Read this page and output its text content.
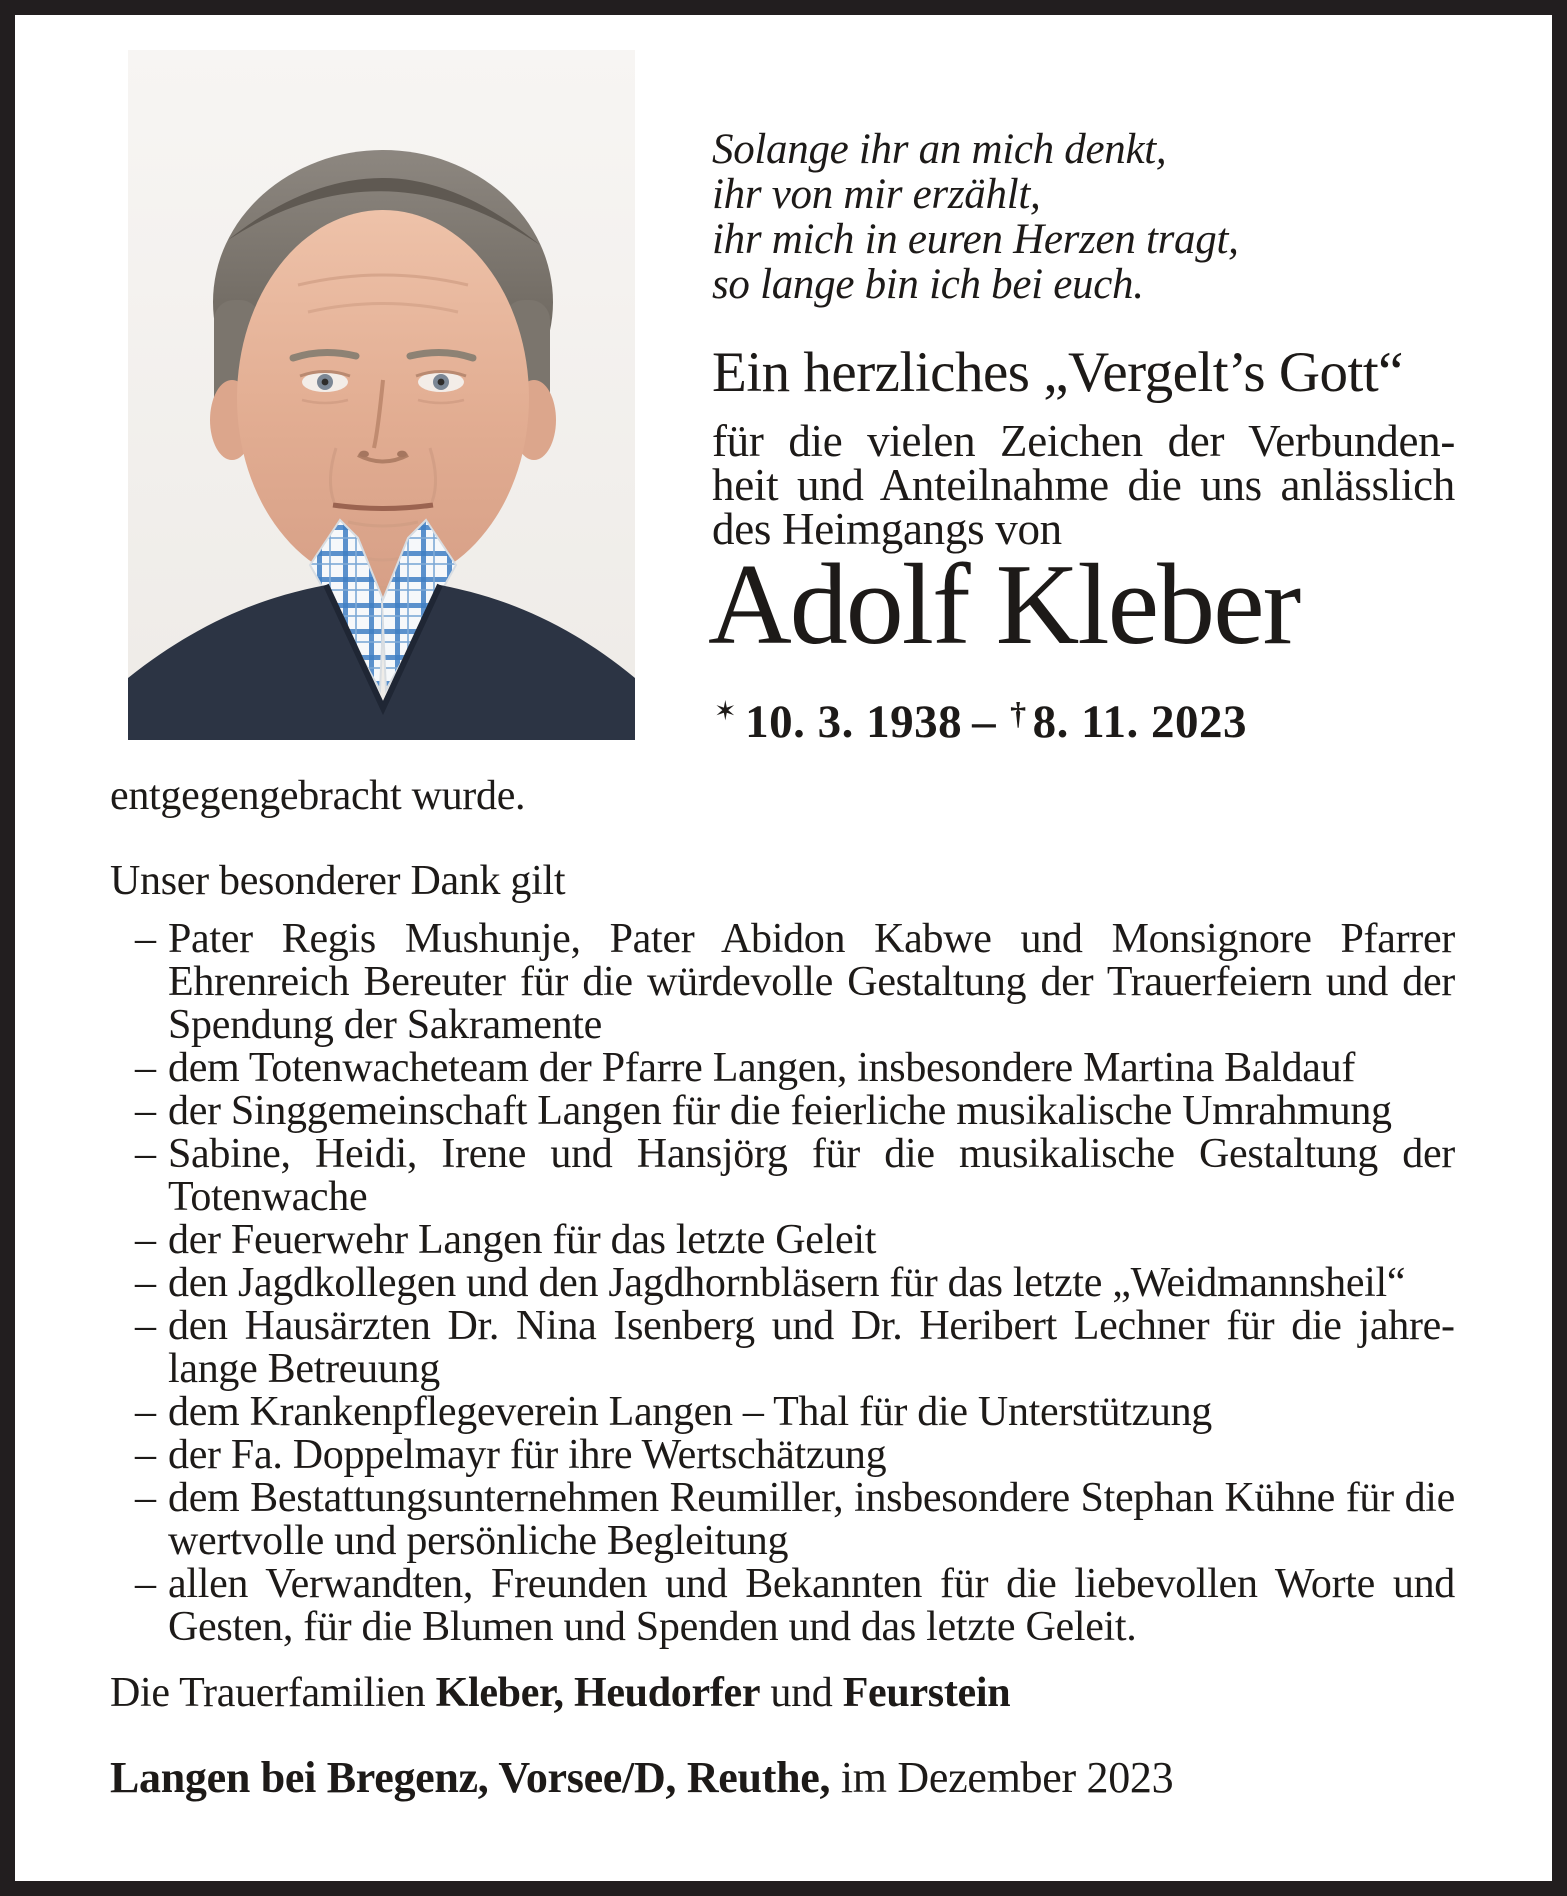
Solange ihr an mich denkt,
ihr von mir erzählt,
ihr mich in euren Herzen tragt,
so lange bin ich bei euch.
Ein herzliches „Vergelt’s Gott“
für die vielen Zeichen der Verbunden-
heit und Anteilnahme die uns anlässlich
des Heimgangs von
Adolf Kleber
✶ 10. 3. 1938 – † 8. 11. 2023
entgegengebracht wurde.
Unser besonderer Dank gilt
– Pater Regis Mushunje, Pater Abidon Kabwe und Monsignore Pfarrer Ehrenreich Bereuter für die würdevolle Gestaltung der Trauerfeiern und der Spendung der Sakramente
– dem Totenwacheteam der Pfarre Langen, insbesondere Martina Baldauf
– der Singgemeinschaft Langen für die feierliche musikalische Umrahmung
– Sabine, Heidi, Irene und Hansjörg für die musikalische Gestaltung der Totenwache
– der Feuerwehr Langen für das letzte Geleit
– den Jagdkollegen und den Jagdhornbläsern für das letzte „Weidmannsheil“
– den Hausärzten Dr. Nina Isenberg und Dr. Heribert Lechner für die jahrelange Betreuung
– dem Krankenpflegeverein Langen – Thal für die Unterstützung
– der Fa. Doppelmayr für ihre Wertschätzung
– dem Bestattungsunternehmen Reumiller, insbesondere Stephan Kühne für die wertvolle und persönliche Begleitung
– allen Verwandten, Freunden und Bekannten für die liebevollen Worte und Gesten, für die Blumen und Spenden und das letzte Geleit.
Die Trauerfamilien Kleber, Heudorfer und Feurstein
Langen bei Bregenz, Vorsee/D, Reuthe, im Dezember 2023
